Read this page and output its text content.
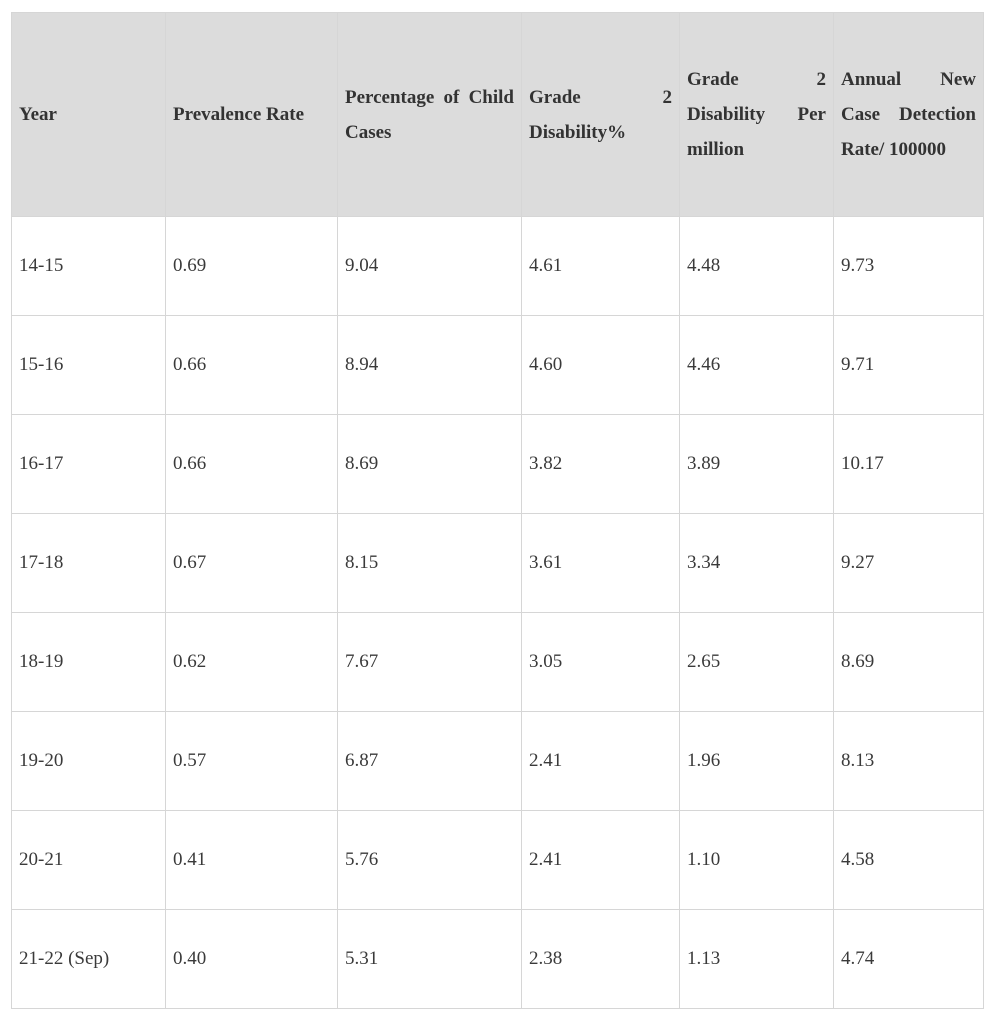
Year	Prevalence Rate	Percentage of Child Cases	Grade 2 Disability%	Grade 2 Disability Per million	Annual New Case Detection Rate/ 100000
14-15	0.69	9.04	4.61	4.48	9.73
15-16	0.66	8.94	4.60	4.46	9.71
16-17	0.66	8.69	3.82	3.89	10.17
17-18	0.67	8.15	3.61	3.34	9.27
18-19	0.62	7.67	3.05	2.65	8.69
19-20	0.57	6.87	2.41	1.96	8.13
20-21	0.41	5.76	2.41	1.10	4.58
21-22 (Sep)	0.40	5.31	2.38	1.13	4.74
